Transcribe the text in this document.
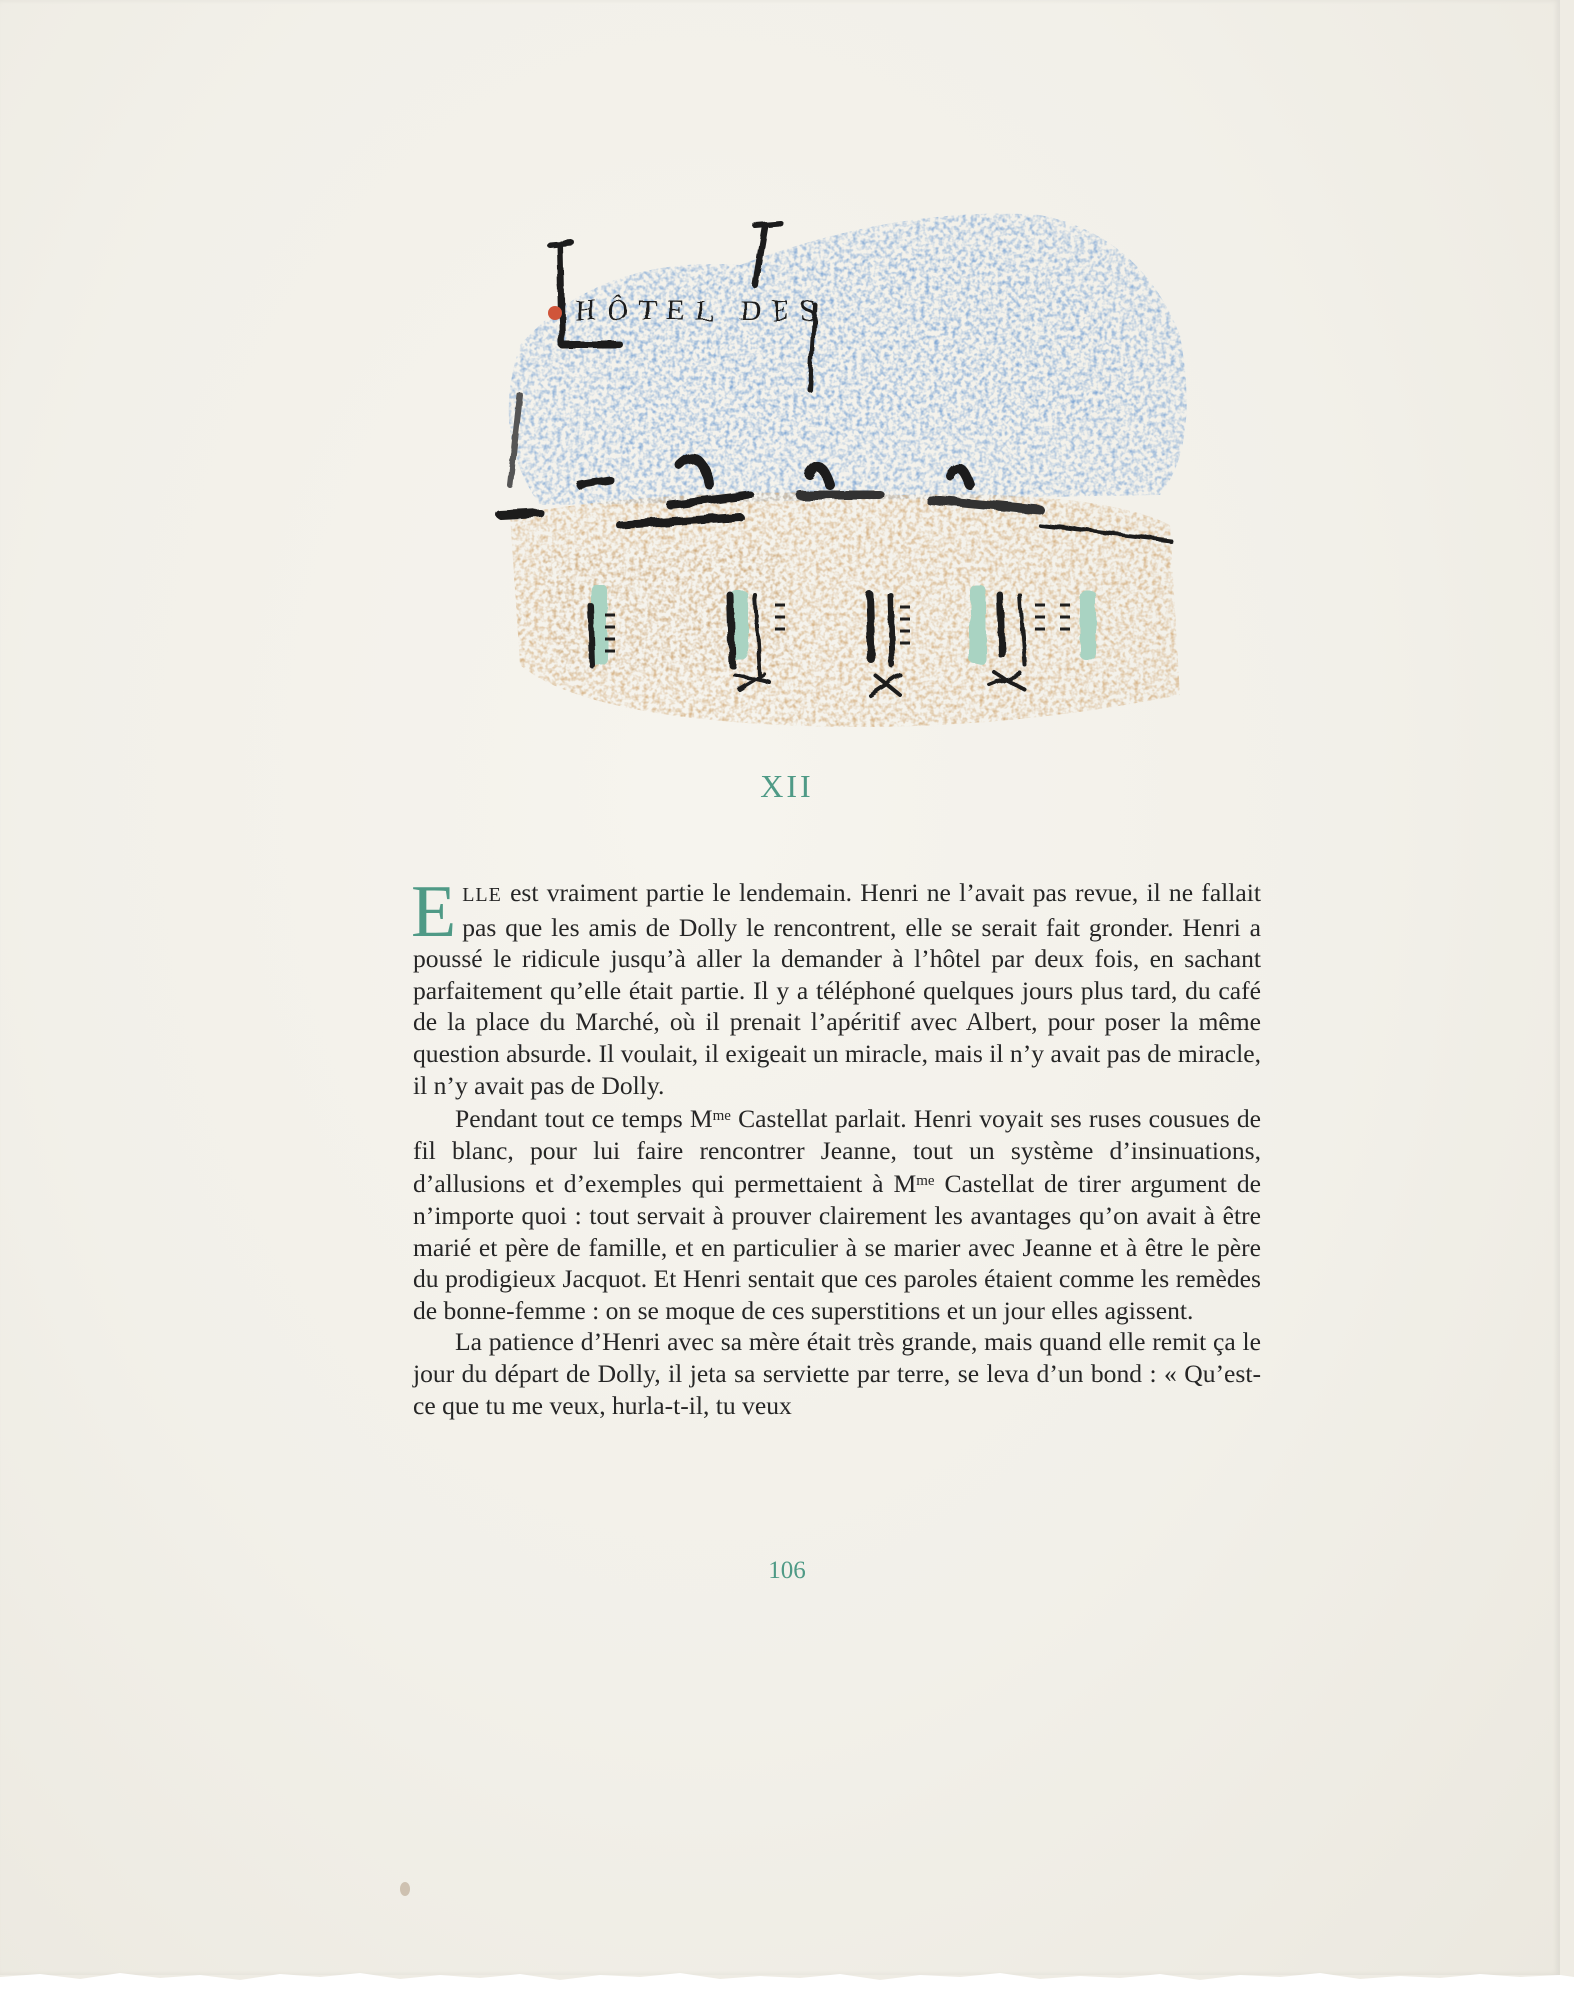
HÔTEL DES
XII

ELLE est vraiment partie le lendemain. Henri ne l’avait pas revue, il ne fallait pas que les amis de Dolly le rencontrent, elle se serait fait gronder. Henri a poussé le ridicule jusqu’à aller la demander à l’hôtel par deux fois, en sachant parfaitement qu’elle était partie. Il y a téléphoné quelques jours plus tard, du café de la place du Marché, où il prenait l’apéritif avec Albert, pour poser la même question absurde. Il voulait, il exigeait un miracle, mais il n’y avait pas de miracle, il n’y avait pas de Dolly.

Pendant tout ce temps $M^{me}$ Castellat parlait. Henri voyait ses ruses cousues de fil blanc, pour lui faire rencontrer Jeanne, tout un système d’insinuations, d’allusions et d’exemples qui permettaient à $M^{me}$ Castellat de tirer argument de n’importe quoi : tout servait à prouver clairement les avantages qu’on avait à être marié et père de famille, et en particulier à se marier avec Jeanne et à être le père du prodigieux Jacquot. Et Henri sentait que ces paroles étaient comme les remèdes de bonne-femme : on se moque de ces superstitions et un jour elles agissent.

La patience d’Henri avec sa mère était très grande, mais quand elle remit ça le jour du départ de Dolly, il jeta sa serviette par terre, se leva d’un bond : « Qu’est-ce que tu me veux, hurla-t-il, tu veux

106
